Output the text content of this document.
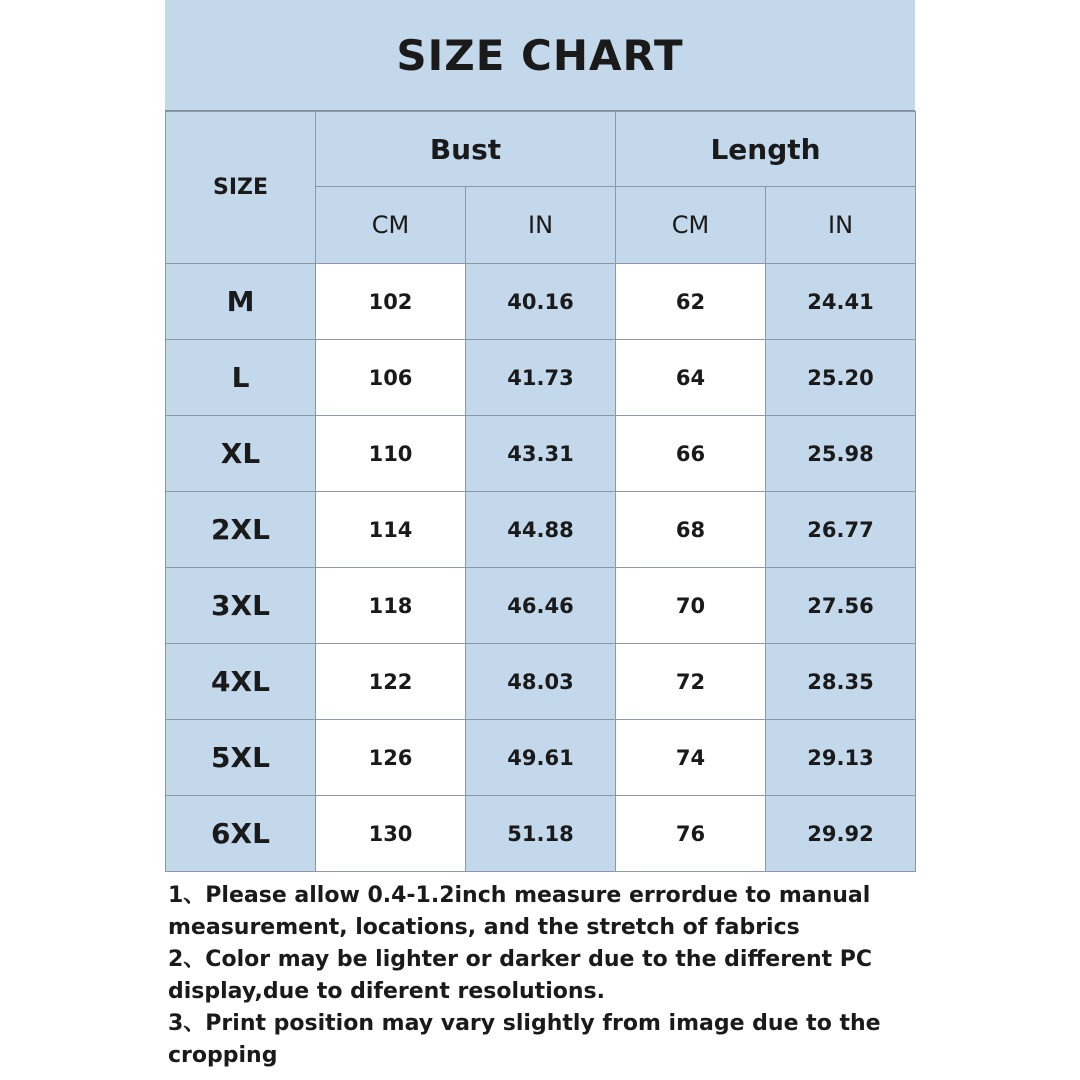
SIZE CHART
SIZE	Bust		Length	
	CM	IN	CM	IN
M	102	40.16	62	24.41
L	106	41.73	64	25.20
XL	110	43.31	66	25.98
2XL	114	44.88	68	26.77
3XL	118	46.46	70	27.56
4XL	122	48.03	72	28.35
5XL	126	49.61	74	29.13
6XL	130	51.18	76	29.92
1、Please allow 0.4-1.2inch measure errordue to manual measurement, locations, and the stretch of fabrics
2、Color may be lighter or darker due to the different PC display,due to diferent resolutions.
3、Print position may vary slightly from image due to the cropping
